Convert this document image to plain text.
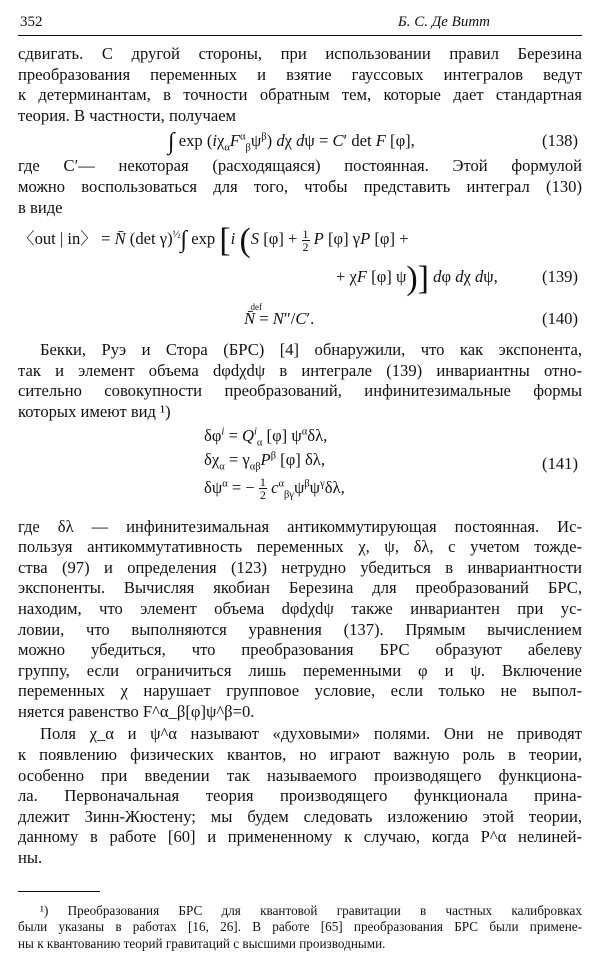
352	Б. С. Де Витт

сдвигать. С другой стороны, при использовании правил Березина
преобразования переменных и взятие гауссовых интегралов ведут
к детерминантам, в точности обратным тем, которые дает стандартная
теория. В частности, получаем

∫ $\exp (i\chi_\alpha F^\alpha_\beta\psi^\beta)$ dχ dψ = C′ det F [φ],	(138)

где C′— некоторая (расходящаяся) постоянная. Этой формулой
можно воспользоваться для того, чтобы представить интеграл (130)
в виде

〈out | in〉 = N̄ (det γ)$^{\frac{1}{2}}$∫ exp [i (S $[\varphi] + \frac{1}{2}$ P [φ] γP [φ] +
+ χF [φ] ψ)] dφ dχ dψ,	(139)
def
N̄ = N″/C′.	(140)

Бекки, Руэ и Стора (БРС) [4] обнаружили, что как экспонента,
так и элемент объема dφdχdψ в интеграле (139) инвариантны отно-
сительно совокупности преобразований, инфинитезимальные формы
которых имеют вид ¹)

$\delta\varphi^i = Q^i_\alpha$ [φ] $\psi^\alpha\delta\lambda$,
$\delta\chi_\alpha = \gamma_{\alpha\beta}P^\beta$ [φ] δλ,
$\delta\psi^\alpha$ = − $\frac{1}{2} c^\alpha_{\beta\gamma}\psi^\beta\psi^\gamma\delta\lambda$,
(141)

где δλ — инфинитезимальная антикоммутирующая постоянная. Ис-
пользуя антикоммутативность переменных χ, ψ, δλ, с учетом тожде-
ства (97) и определения (123) нетрудно убедиться в инвариантности
экспоненты. Вычисляя якобиан Березина для преобразований БРС,
находим, что элемент объема dφdχdψ также инвариантен при ус-
ловии, что выполняются уравнения (137). Прямым вычислением
можно убедиться, что преобразования БРС образуют абелеву
группу, если ограничиться лишь переменными φ и ψ. Включение
переменных χ нарушает групповое условие, если только не выпол-
няется равенство F^α_β[φ]ψ^β=0.

Поля χ_α и ψ^α называют «духовыми» полями. Они не приводят
к появлению физических квантов, но играют важную роль в теории,
особенно при введении так называемого производящего функциона-
ла. Первоначальная теория производящего функционала прина-
длежит Зинн-Жюстену; мы будем следовать изложению этой теории,
данному в работе [60] и примененному к случаю, когда P^α нелиней-
ны.

¹) Преобразования БРС для квантовой гравитации в частных калибровках
были указаны в работах [16, 26]. В работе [65] преобразования БРС были примене-
ны к квантованию теорий гравитаций с высшими производными.
